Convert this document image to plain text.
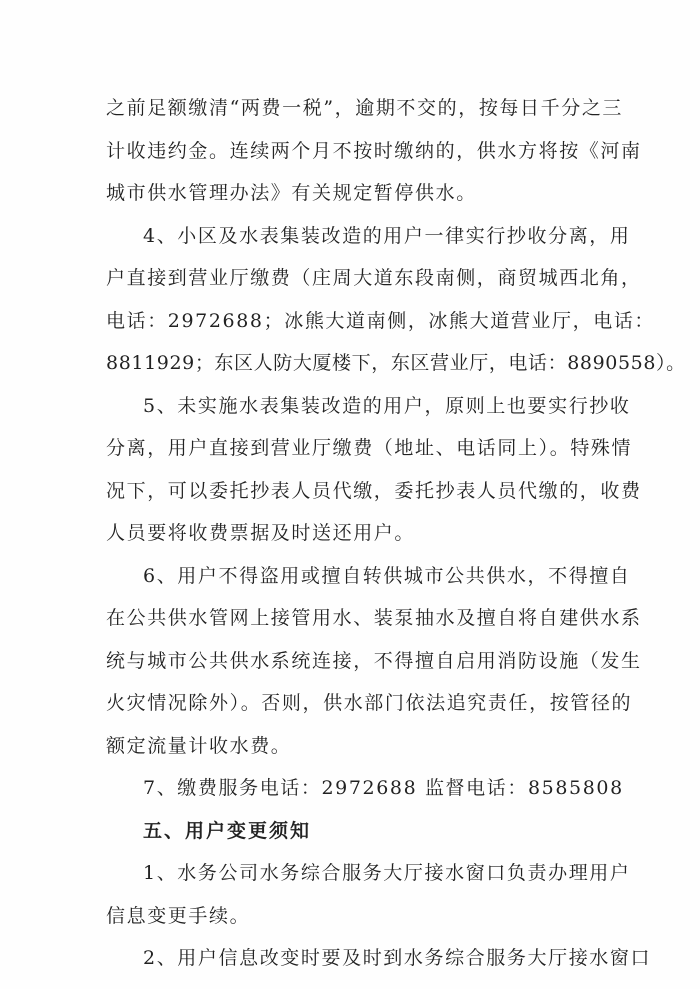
之前足额缴清“两费一税”，逾期不交的，按每日千分之三
计收违约金。连续两个月不按时缴纳的，供水方将按《河南
城市供水管理办法》有关规定暂停供水。
4、小区及水表集装改造的用户一律实行抄收分离，用
户直接到营业厅缴费（庄周大道东段南侧，商贸城西北角，
电话：2972688；冰熊大道南侧，冰熊大道营业厅，电话：
8811929；东区人防大厦楼下，东区营业厅，电话：8890558）。
5、未实施水表集装改造的用户，原则上也要实行抄收
分离，用户直接到营业厅缴费（地址、电话同上）。特殊情
况下，可以委托抄表人员代缴，委托抄表人员代缴的，收费
人员要将收费票据及时送还用户。
6、用户不得盗用或擅自转供城市公共供水，不得擅自
在公共供水管网上接管用水、装泵抽水及擅自将自建供水系
统与城市公共供水系统连接，不得擅自启用消防设施（发生
火灾情况除外）。否则，供水部门依法追究责任，按管径的
额定流量计收水费。
7、缴费服务电话：2972688 监督电话：8585808
五、用户变更须知
1、水务公司水务综合服务大厅接水窗口负责办理用户
信息变更手续。
2、用户信息改变时要及时到水务综合服务大厅接水窗口
